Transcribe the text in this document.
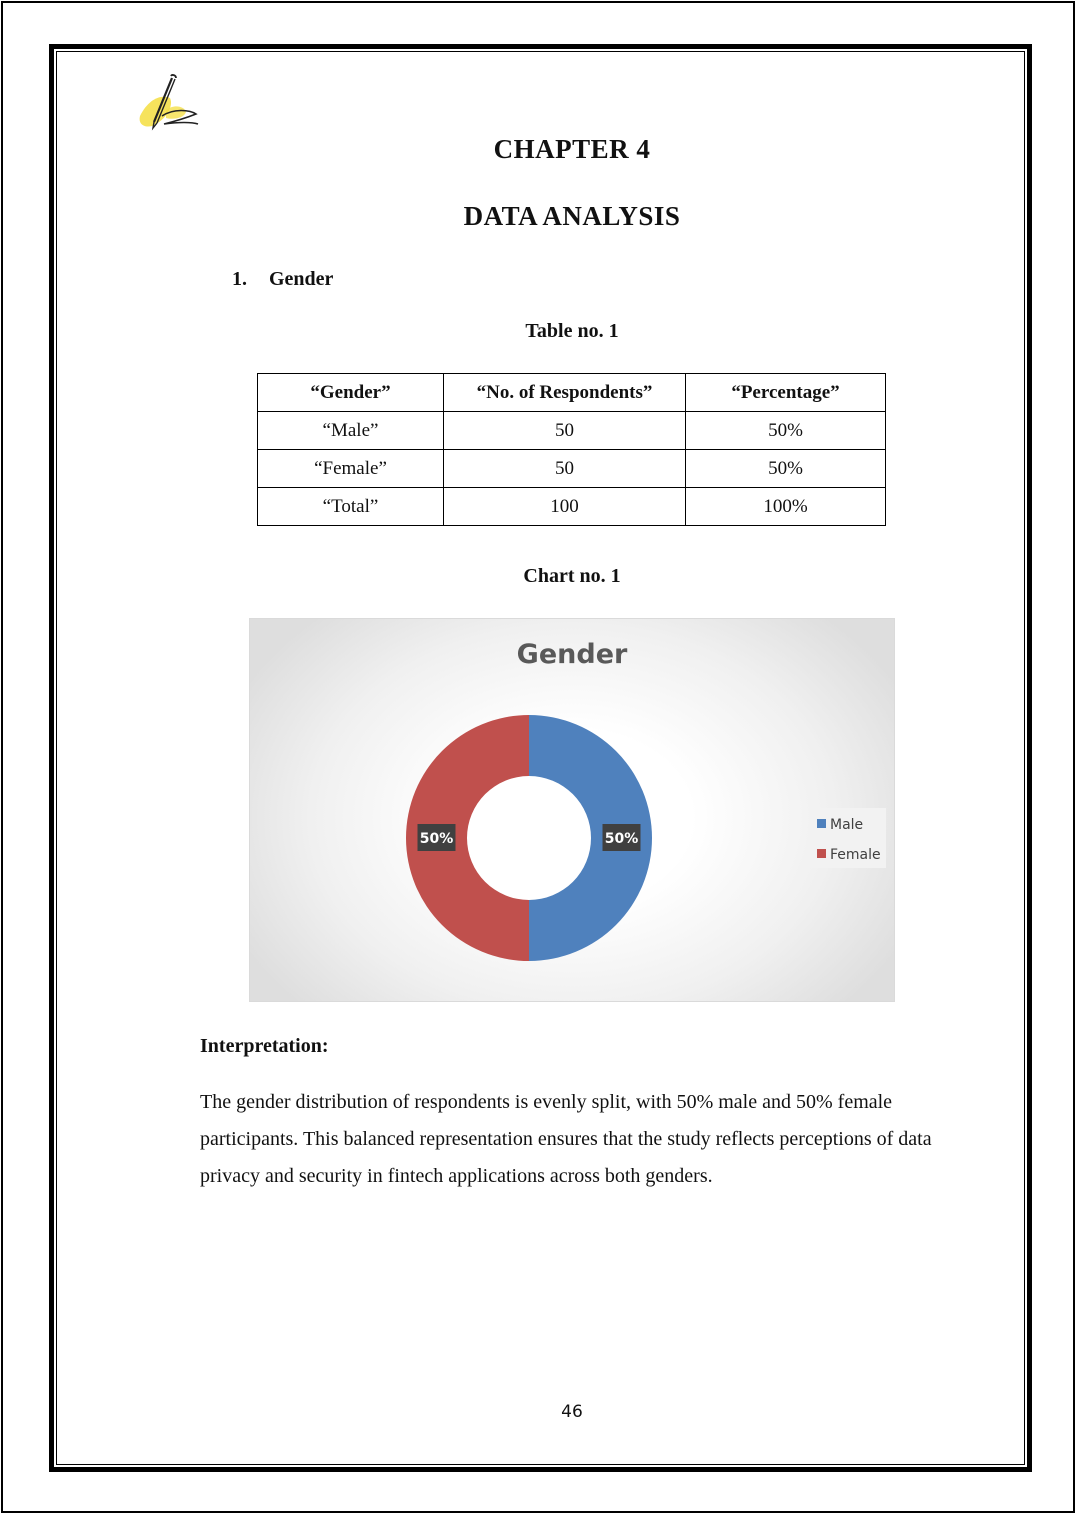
CHAPTER 4
DATA ANALYSIS
1. Gender
Table no. 1
“Gender”	“No. of Respondents”	“Percentage”
“Male”	50	50%
“Female”	50	50%
“Total”	100	100%
Chart no. 1
Gender
50%
50%
Male
Female
Interpretation:

The gender distribution of respondents is evenly split, with 50% male and 50% female participants. This balanced representation ensures that the study reflects perceptions of data privacy and security in fintech applications across both genders.

46
